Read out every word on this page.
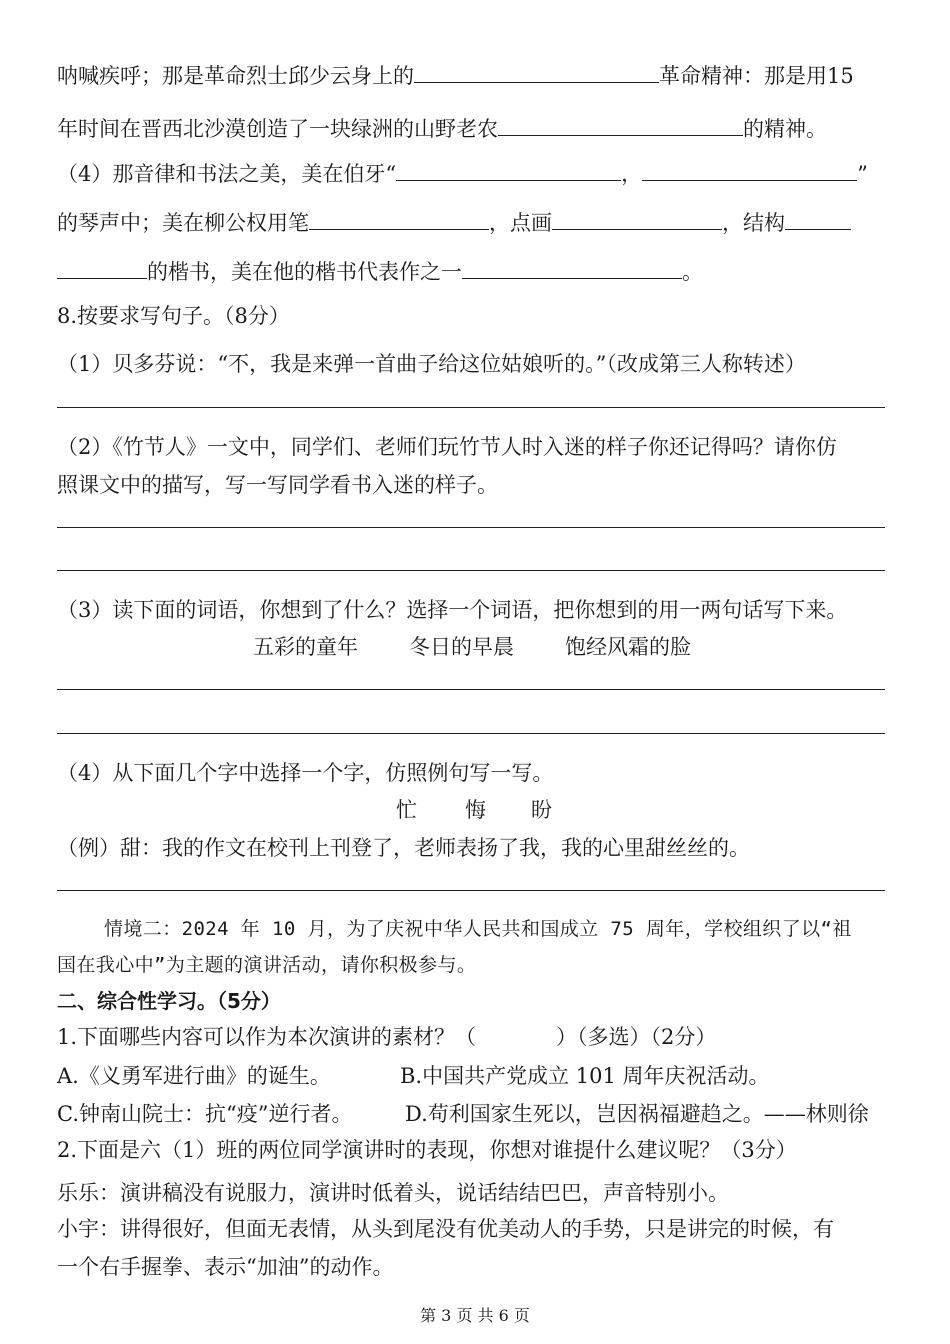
呐喊疾呼；那是革命烈士邱少云身上的	革命精神：那是用15
年时间在晋西北沙漠创造了一块绿洲的山野老农	的精神。
（4）那音律和书法之美，美在伯牙“	，	”
的琴声中；美在柳公权用笔	，点画	，结构
的楷书，美在他的楷书代表作之一	。
8.按要求写句子。（8分）
（1）贝多芬说：“不，我是来弹一首曲子给这位姑娘听的。”（改成第三人称转述）
（2）《竹节人》一文中，同学们、老师们玩竹节人时入迷的样子你还记得吗？请你仿
照课文中的描写，写一写同学看书入迷的样子。
（3）读下面的词语，你想到了什么？选择一个词语，把你想到的用一两句话写下来。
五彩的童年 冬日的早晨 饱经风霜的脸
（4）从下面几个字中选择一个字，仿照例句写一写。
忙 悔 盼
（例）甜：我的作文在校刊上刊登了，老师表扬了我，我的心里甜丝丝的。
情境二：2024 年 10 月，为了庆祝中华人民共和国成立 75 周年，学校组织了以“祖
国在我心中”为主题的演讲活动，请你积极参与。
二、综合性学习。（5分）
1.下面哪些内容可以作为本次演讲的素材？（	）（多选）（2分）
A.《义勇军进行曲》的诞生。	B.中国共产党成立 101 周年庆祝活动。
C.钟南山院士：抗“疫”逆行者。	D.苟利国家生死以，岂因祸福避趋之。——林则徐
2.下面是六（1）班的两位同学演讲时的表现，你想对谁提什么建议呢？（3分）
乐乐：演讲稿没有说服力，演讲时低着头，说话结结巴巴，声音特别小。
小宇：讲得很好，但面无表情，从头到尾没有优美动人的手势，只是讲完的时候，有
一个右手握拳、表示“加油”的动作。
第 3 页 共 6 页
